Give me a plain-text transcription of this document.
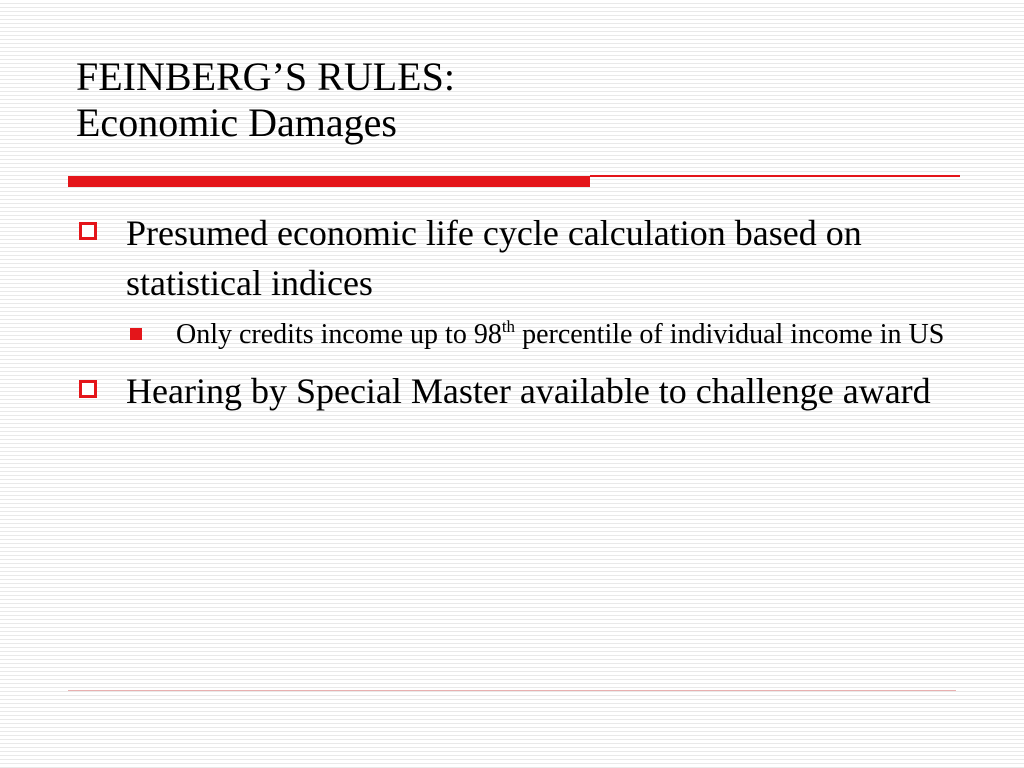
FEINBERG’S RULES:
Economic Damages

Presumed economic life cycle calculation based on statistical indices

Only credits income up to 98th percentile of individual income in US

Hearing by Special Master available to challenge award
